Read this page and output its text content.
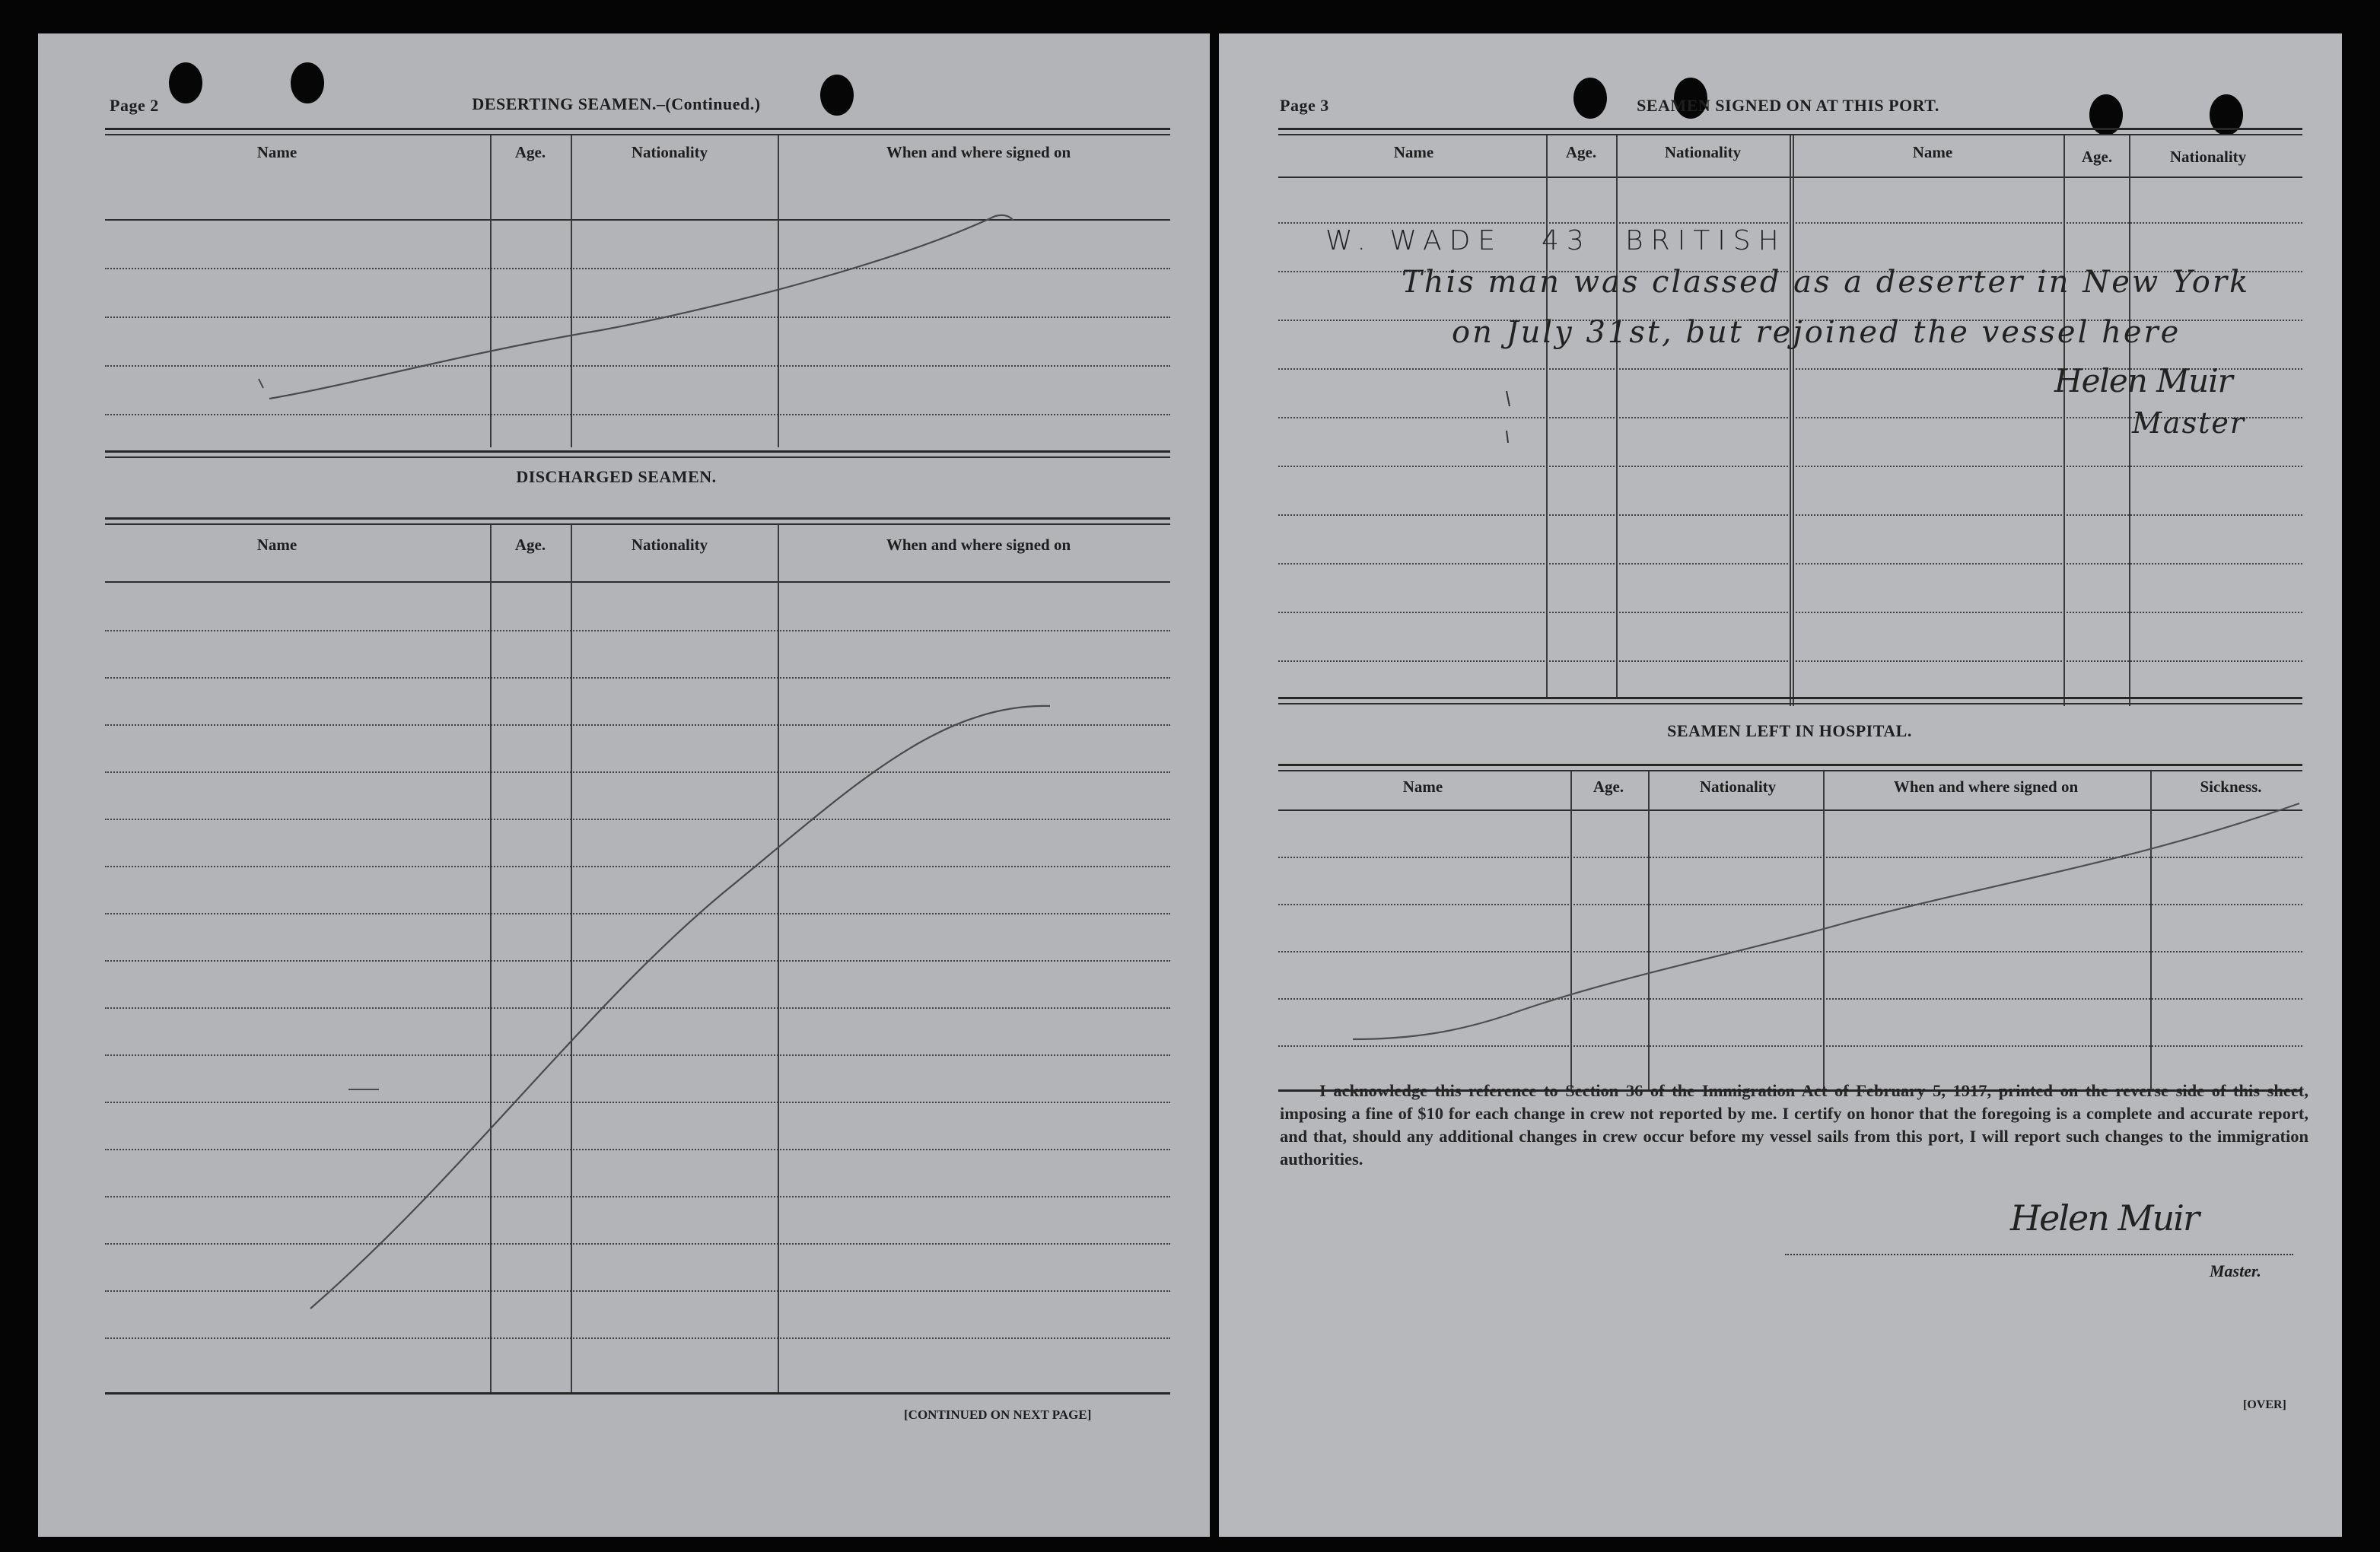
Page 2	DESERTING SEAMEN.–(Continued.)
Name	Age.	Nationality	When and where signed on
DISCHARGED SEAMEN.
Name	Age.	Nationality	When and where signed on
[CONTINUED ON NEXT PAGE]
Page 3	SEAMEN SIGNED ON AT THIS PORT.
Name	Age.	Nationality	Name	Age.	Nationality
W. WADE 43 BRITISH
This man was classed as a deserter in New York
on July 31st, but rejoined the vessel here
Helen Muir
Master
SEAMEN LEFT IN HOSPITAL.
Name	Age.	Nationality	When and where signed on	Sickness.
I acknowledge this reference to Section 36 of the Immigration Act of February 5, 1917, printed on the reverse side of this sheet, imposing a fine of $10 for each change in crew not reported by me. I certify on honor that the foregoing is a complete and accurate report, and that, should any additional changes in crew occur before my vessel sails from this port, I will report such changes to the immigration authorities.
Helen Muir
Master.
[OVER]
